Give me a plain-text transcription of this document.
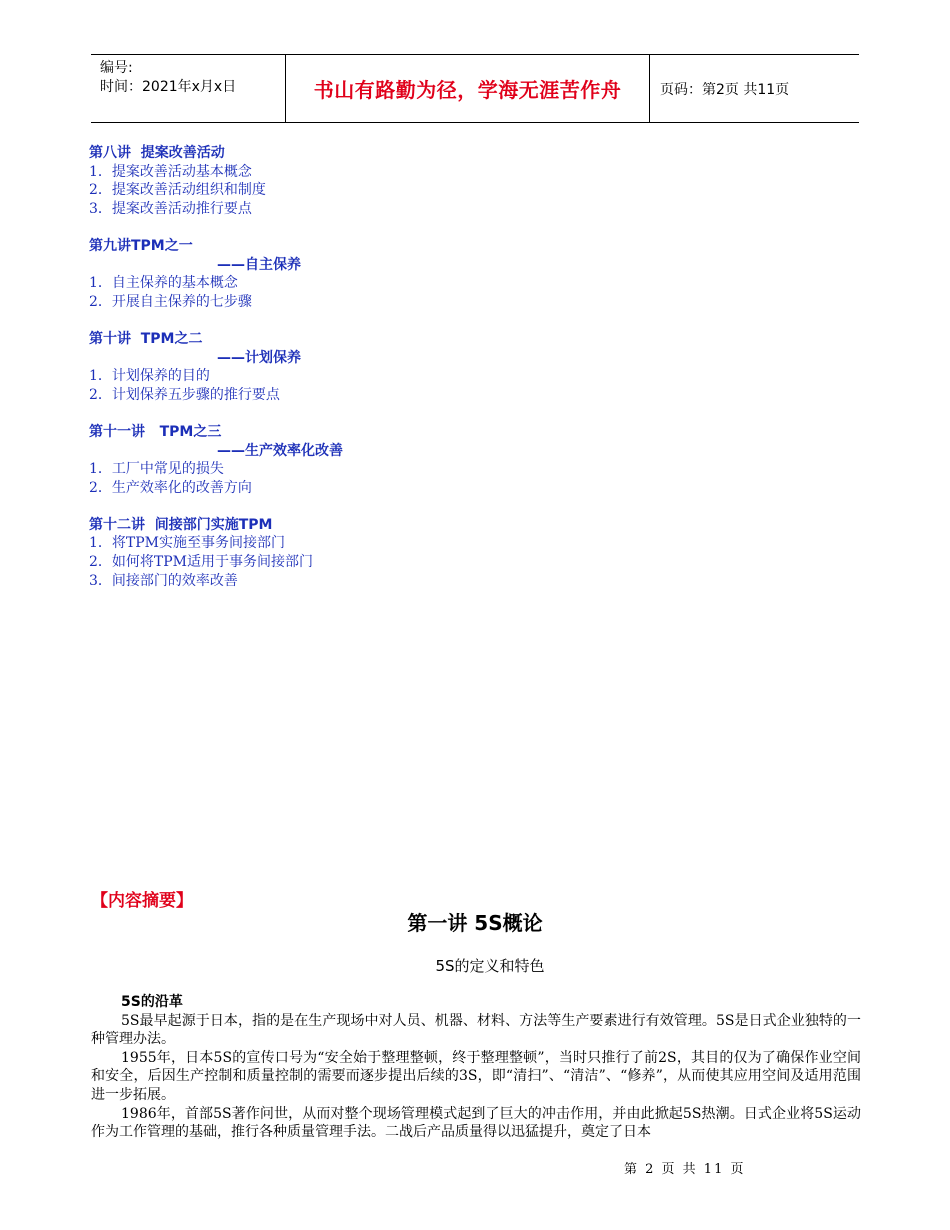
编号:
时间：2021年x月x日	书山有路勤为径，学海无涯苦作舟	页码：第2页 共11页
第八讲  提案改善活动
1．提案改善活动基本概念
2．提案改善活动组织和制度
3．提案改善活动推行要点
第九讲TPM之一
——自主保养
1．自主保养的基本概念
2．开展自主保养的七步骤
第十讲  TPM之二
——计划保养
1．计划保养的目的
2．计划保养五步骤的推行要点
第十一讲   TPM之三
——生产效率化改善
1．工厂中常见的损失
2．生产效率化的改善方向
第十二讲  间接部门实施TPM
1．将TPM实施至事务间接部门
2．如何将TPM适用于事务间接部门
3．间接部门的效率改善
【内容摘要】
第一讲 5S概论
5S的定义和特色
5S的沿革

5S最早起源于日本，指的是在生产现场中对人员、机器、材料、方法等生产要素进行有效管理。5S是日式企业独特的一种管理办法。

1955年，日本5S的宣传口号为“安全始于整理整顿，终于整理整顿”，当时只推行了前2S，其目的仅为了确保作业空间和安全，后因生产控制和质量控制的需要而逐步提出后续的3S，即“清扫”、“清洁”、“修养”，从而使其应用空间及适用范围进一步拓展。

1986年，首部5S著作问世，从而对整个现场管理模式起到了巨大的冲击作用，并由此掀起5S热潮。日式企业将5S运动作为工作管理的基础，推行各种质量管理手法。二战后产品质量得以迅猛提升，奠定了日本

第 2 页 共 11 页
